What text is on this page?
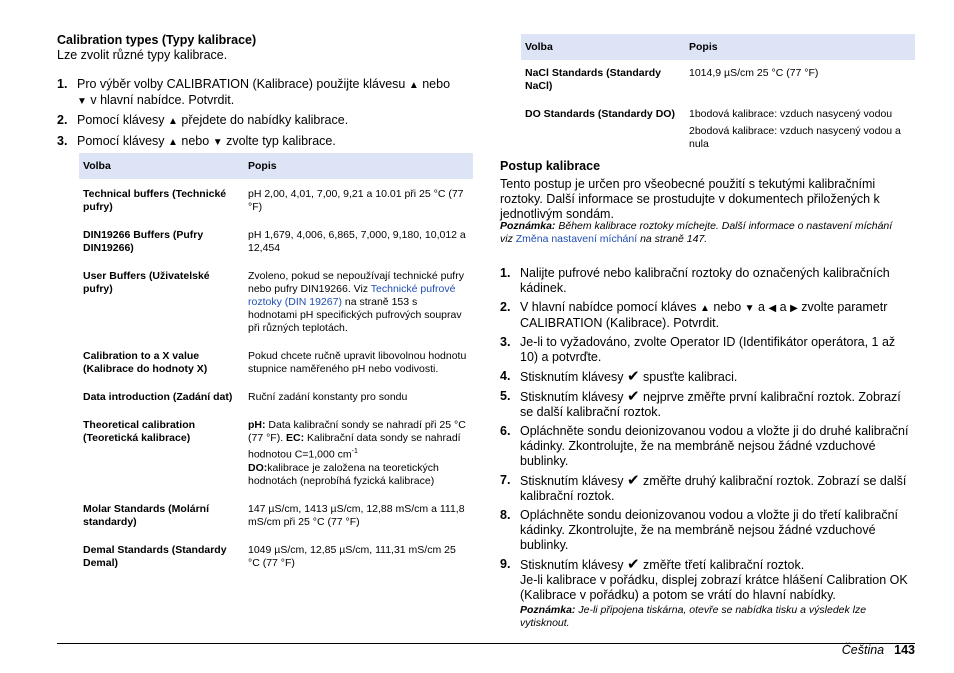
Calibration types (Typy kalibrace)
Lze zvolit různé typy kalibrace.
1. Pro výběr volby CALIBRATION (Kalibrace) použijte klávesu ▲ nebo
▼ v hlavní nabídce. Potvrdit.
2. Pomocí klávesy ▲ přejdete do nabídky kalibrace.
3. Pomocí klávesy ▲ nebo ▼ zvolte typ kalibrace.
Volba	Popis
Technical buffers (Technické pufry)	pH 2,00, 4,01, 7,00, 9,21 a 10.01 při 25 °C (77 °F)
DIN19266 Buffers (Pufry DIN19266)	pH 1,679, 4,006, 6,865, 7,000, 9,180, 10,012 a 12,454
User Buffers (Uživatelské pufry)	Zvoleno, pokud se nepoužívají technické pufry nebo pufry DIN19266. Viz Technické pufrové roztoky (DIN 19267) na straně 153 s hodnotami pH specifických pufrových souprav při různých teplotách.
Calibration to a X value (Kalibrace do hodnoty X)	Pokud chcete ručně upravit libovolnou hodnotu stupnice naměřeného pH nebo vodivosti.
Data introduction (Zadání dat)	Ruční zadání konstanty pro sondu
Theoretical calibration (Teoretická kalibrace)	pH: Data kalibrační sondy se nahradí při 25 °C (77 °F). EC: Kalibrační data sondy se nahradí hodnotou C=1,000 $cm^{-1}$
DO:kalibrace je založena na teoretických hodnotách (neprobíhá fyzická kalibrace)
Molar Standards (Molární standardy)	147 µS/cm, 1413 µS/cm, 12,88 mS/cm a 111,8 mS/cm při 25 °C (77 °F)
Demal Standards (Standardy Demal)	1049 µS/cm, 12,85 µS/cm, 111,31 mS/cm 25 °C (77 °F)
Volba	Popis
NaCl Standards (Standardy NaCl)	1014,9 µS/cm 25 °C (77 °F)
DO Standards (Standardy DO)	1bodová kalibrace: vzduch nasycený vodou
2bodová kalibrace: vzduch nasycený vodou a nula
Postup kalibrace
Tento postup je určen pro všeobecné použití s tekutými kalibračními roztoky. Další informace se prostudujte v dokumentech přiložených k jednotlivým sondám.
Poznámka: Během kalibrace roztoky míchejte. Další informace o nastavení míchání viz Změna nastavení míchání na straně 147.
1. Nalijte pufrové nebo kalibrační roztoky do označených kalibračních kádinek.
2. V hlavní nabídce pomocí kláves ▲ nebo ▼ a ◀ a ▶ zvolte parametr CALIBRATION (Kalibrace). Potvrdit.
3. Je-li to vyžadováno, zvolte Operator ID (Identifikátor operátora, 1 až 10) a potvrďte.
4. Stisknutím klávesy ✔ spusťte kalibraci.
5. Stisknutím klávesy ✔ nejprve změřte první kalibrační roztok. Zobrazí se další kalibrační roztok.
6. Opláchněte sondu deionizovanou vodou a vložte ji do druhé kalibrační kádinky. Zkontrolujte, že na membráně nejsou žádné vzduchové bublinky.
7. Stisknutím klávesy ✔ změřte druhý kalibrační roztok. Zobrazí se další kalibrační roztok.
8. Opláchněte sondu deionizovanou vodou a vložte ji do třetí kalibrační kádinky. Zkontrolujte, že na membráně nejsou žádné vzduchové bublinky.
9. Stisknutím klávesy ✔ změřte třetí kalibrační roztok.
Je-li kalibrace v pořádku, displej zobrazí krátce hlášení Calibration OK (Kalibrace v pořádku) a potom se vrátí do hlavní nabídky.
Poznámka: Je-li připojena tiskárna, otevře se nabídka tisku a výsledek lze vytisknout.
Čeština 143
